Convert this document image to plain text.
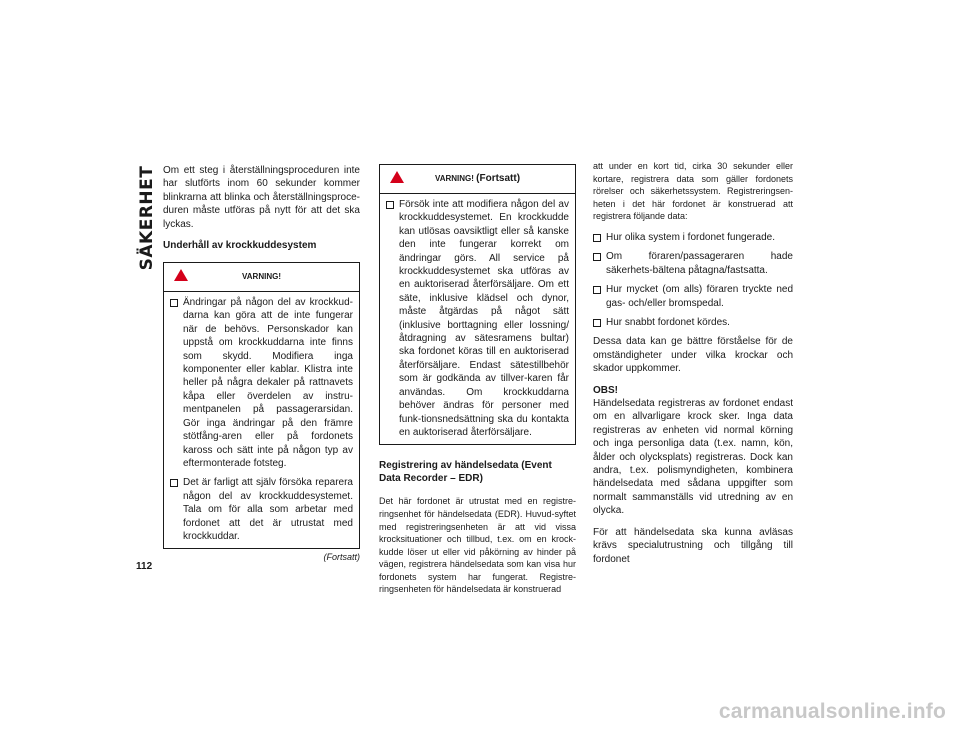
SÄKERHET
112

Om ett steg i återställningsproceduren inte har slutförts inom 60 sekunder kommer blinkrarna att blinka och återställningsproce-duren måste utföras på nytt för att det ska lyckas.

Underhåll av krockkuddesystem
VARNING!
Ändringar på någon del av krockkud-darna kan göra att de inte fungerar när de behövs. Personskador kan uppstå om krockkuddarna inte finns som skydd. Modifiera inga komponenter eller kablar. Klistra inte heller på några dekaler på rattnavets kåpa eller överdelen av instru-mentpanelen på passagerarsidan. Gör inga ändringar på den främre stötfång-aren eller på fordonets kaross och sätt inte på någon typ av eftermonterade fotsteg.
Det är farligt att själv försöka reparera någon del av krockkuddesystemet. Tala om för alla som arbetar med fordonet att det är utrustat med krockkuddar.
(Fortsatt)
VARNING!
(Fortsatt)
Försök inte att modifiera någon del av krockkuddesystemet. En krockkudde kan utlösas oavsiktligt eller så kanske den inte fungerar korrekt om ändringar görs. All service på krockkuddesystemet ska utföras av en auktoriserad återförsäljare. Om ett säte, inklusive klädsel och dynor, måste åtgärdas på något sätt (inklusive borttagning eller lossning/åtdragning av sätesramens bultar) ska fordonet köras till en auktoriserad återförsäljare. Endast sätestillbehör som är godkända av tillver-karen får användas. Om krockkuddarna behöver ändras för personer med funk-tionsnedsättning ska du kontakta en auktoriserad återförsäljare.
Registrering av händelsedata (Event Data Recorder – EDR)

Det här fordonet är utrustat med en registre-ringsenhet för händelsedata (EDR). Huvud-syftet med registreringsenheten är att vid vissa krocksituationer och tillbud, t.ex. om en krock-kudde löser ut eller vid påkörning av hinder på vägen, registrera händelsedata som kan visa hur fordonets system har fungerat. Registre-ringsenheten för händelsedata är konstruerad

att under en kort tid, cirka 30 sekunder eller kortare, registrera data som gäller fordonets rörelser och säkerhetssystem. Registreringsen-heten i det här fordonet är konstruerad att registrera följande data:

Hur olika system i fordonet fungerade.
Om föraren/passageraren hade säkerhets-bältena påtagna/fastsatta.
Hur mycket (om alls) föraren tryckte ned gas- och/eller bromspedal.
Hur snabbt fordonet kördes.

Dessa data kan ge bättre förståelse för de omständigheter under vilka krockar och skador uppkommer.

OBS!

Händelsedata registreras av fordonet endast om en allvarligare krock sker. Inga data registreras av enheten vid normal körning och inga personliga data (t.ex. namn, kön, ålder och olycksplats) registreras. Dock kan andra, t.ex. polismyndigheten, kombinera händelsedata med sådana uppgifter som normalt sammanställs vid utredning av en olycka.

För att händelsedata ska kunna avläsas krävs specialutrustning och tillgång till fordonet

carmanualsonline.info
